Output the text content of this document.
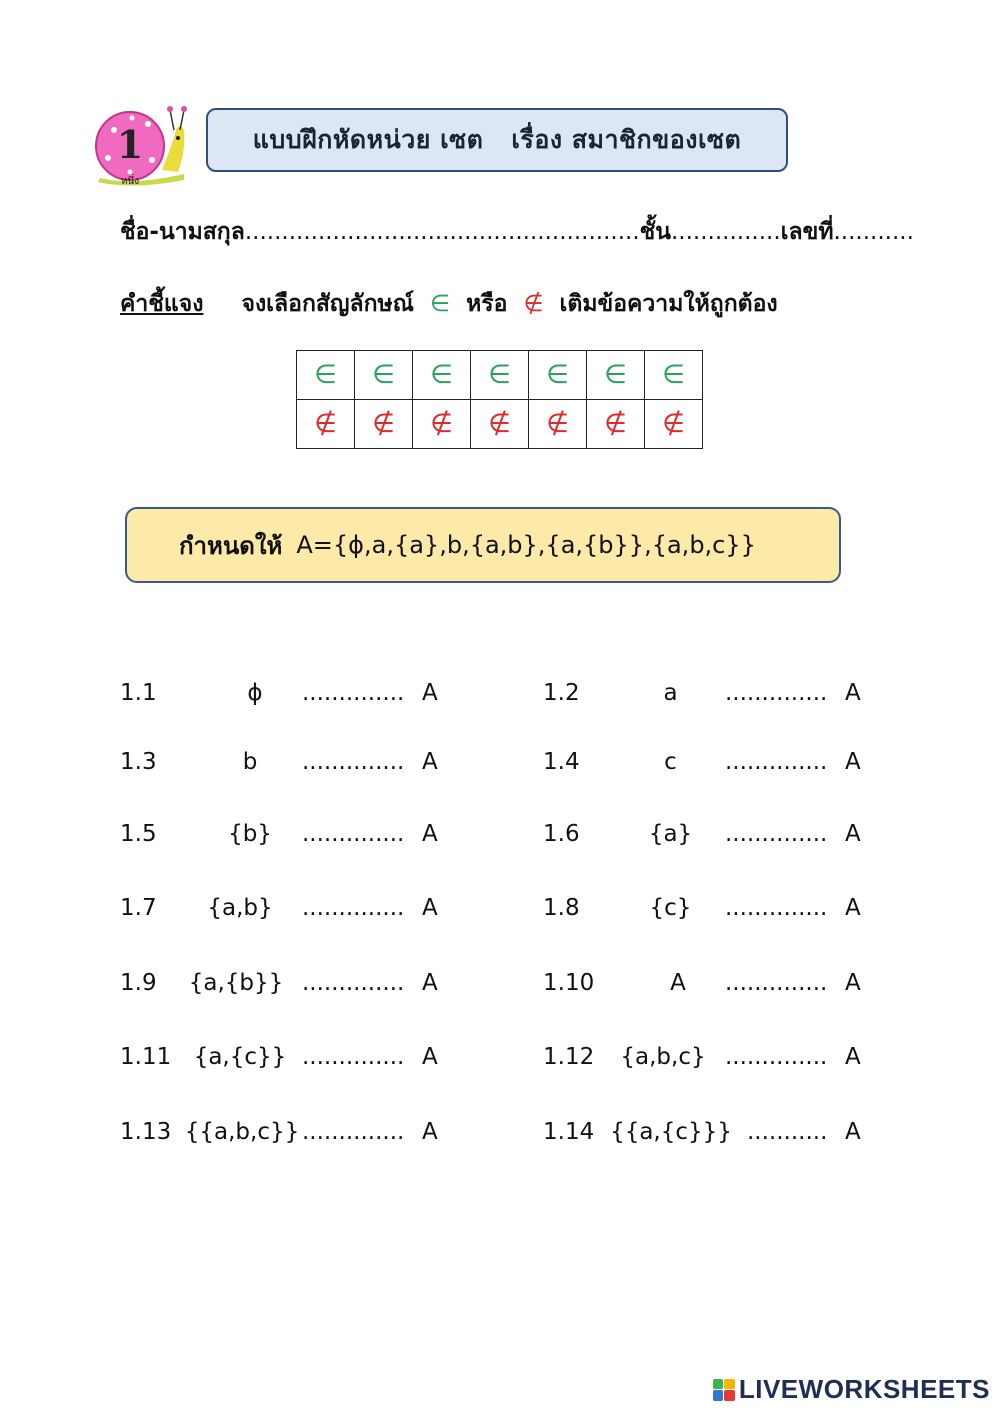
1
หนึ่ง
แบบฝึกหัดหน่วย เซต เรื่อง สมาชิกของเซต
ชื่อ-นามสกุล......................................................ชั้น...............เลขที่...........
คำชี้แจง จงเลือกสัญลักษณ์ ∈ หรือ ∉ เติมข้อความให้ถูกต้อง
∈	∈	∈	∈	∈	∈	∈
∉	∉	∉	∉	∉	∉	∉
กำหนดให้ A={ϕ,a,{a},b,{a,b},{a,{b}},{a,b,c}}
1.1	ϕ	.............. A	1.2	a	.............. A
1.3	b	.............. A	1.4	c	.............. A
1.5	{b}	.............. A	1.6	{a}	.............. A
1.7	{a,b}	.............. A	1.8	{c}	.............. A
1.9	{a,{b}} .............. A	1.10	A	.............. A
1.11 {a,{c}} .............. A	1.12	{a,b,c} .............. A
1.13 {{a,b,c}} .............. A	1.14 {{a,{c}}} ........... A
LIVEWORKSHEETS
